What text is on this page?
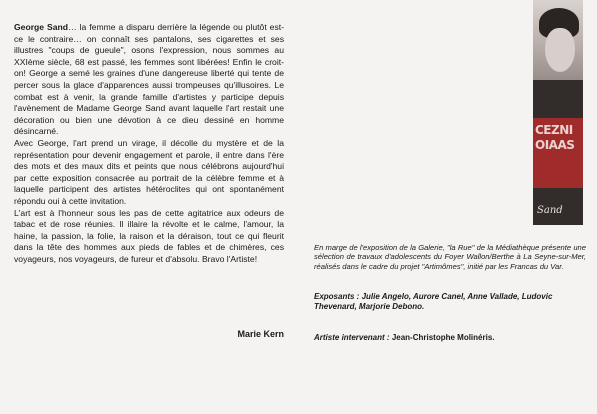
George Sand… la femme a disparu derrière la légende ou plutôt est-ce le contraire… on connaît ses pantalons, ses cigarettes et ses illustres "coups de gueule", osons l'expression, nous sommes au XXIème siècle, 68 est passé, les femmes sont libérées! Enfin le croit-on! George a semé les graines d'une dangereuse liberté qui tente de percer sous la glace d'apparences aussi trompeuses qu'illusoires. Le combat est à venir, la grande famille d'artistes y participe depuis l'avènement de Madame George Sand avant laquelle l'art restait une décoration ou bien une dévotion à ce dieu dessiné en homme désincarné.

Avec George, l'art prend un virage, il décolle du mystère et de la représentation pour devenir engagement et parole, il entre dans l'ère des mots et des maux dits et peints que nous célébrons aujourd'hui par cette exposition consacrée au portrait de la célèbre femme et à laquelle participent des artistes hétéroclites qui ont spontanément répondu oui à cette invitation.

L'art est à l'honneur sous les pas de cette agitatrice aux odeurs de tabac et de rose réunies. Il illaire la révolte et le calme, l'amour, la haine, la passion, la folie, la raison et la déraison, tout ce qui fleurit dans la tête des hommes aux pieds de fables et de chimères, ces voyageurs, nos voyageurs, de fureur et d'absolu. Bravo l'Artiste!

Marie Kern
CEZNIOIAAS
Sand

En marge de l'exposition de la Galerie, "la Rue" de la Médiathèque présente une sélection de travaux d'adolescents du Foyer Wallon/Berthe à La Seyne-sur-Mer, réalisés dans le cadre du projet "Artimômes", initié par les Francas du Var.

Exposants : Julie Angelo, Aurore Canel, Anne Vallade, Ludovic Thevenard, Marjorie Debono.
Artiste intervenant : Jean-Christophe Molinéris.
